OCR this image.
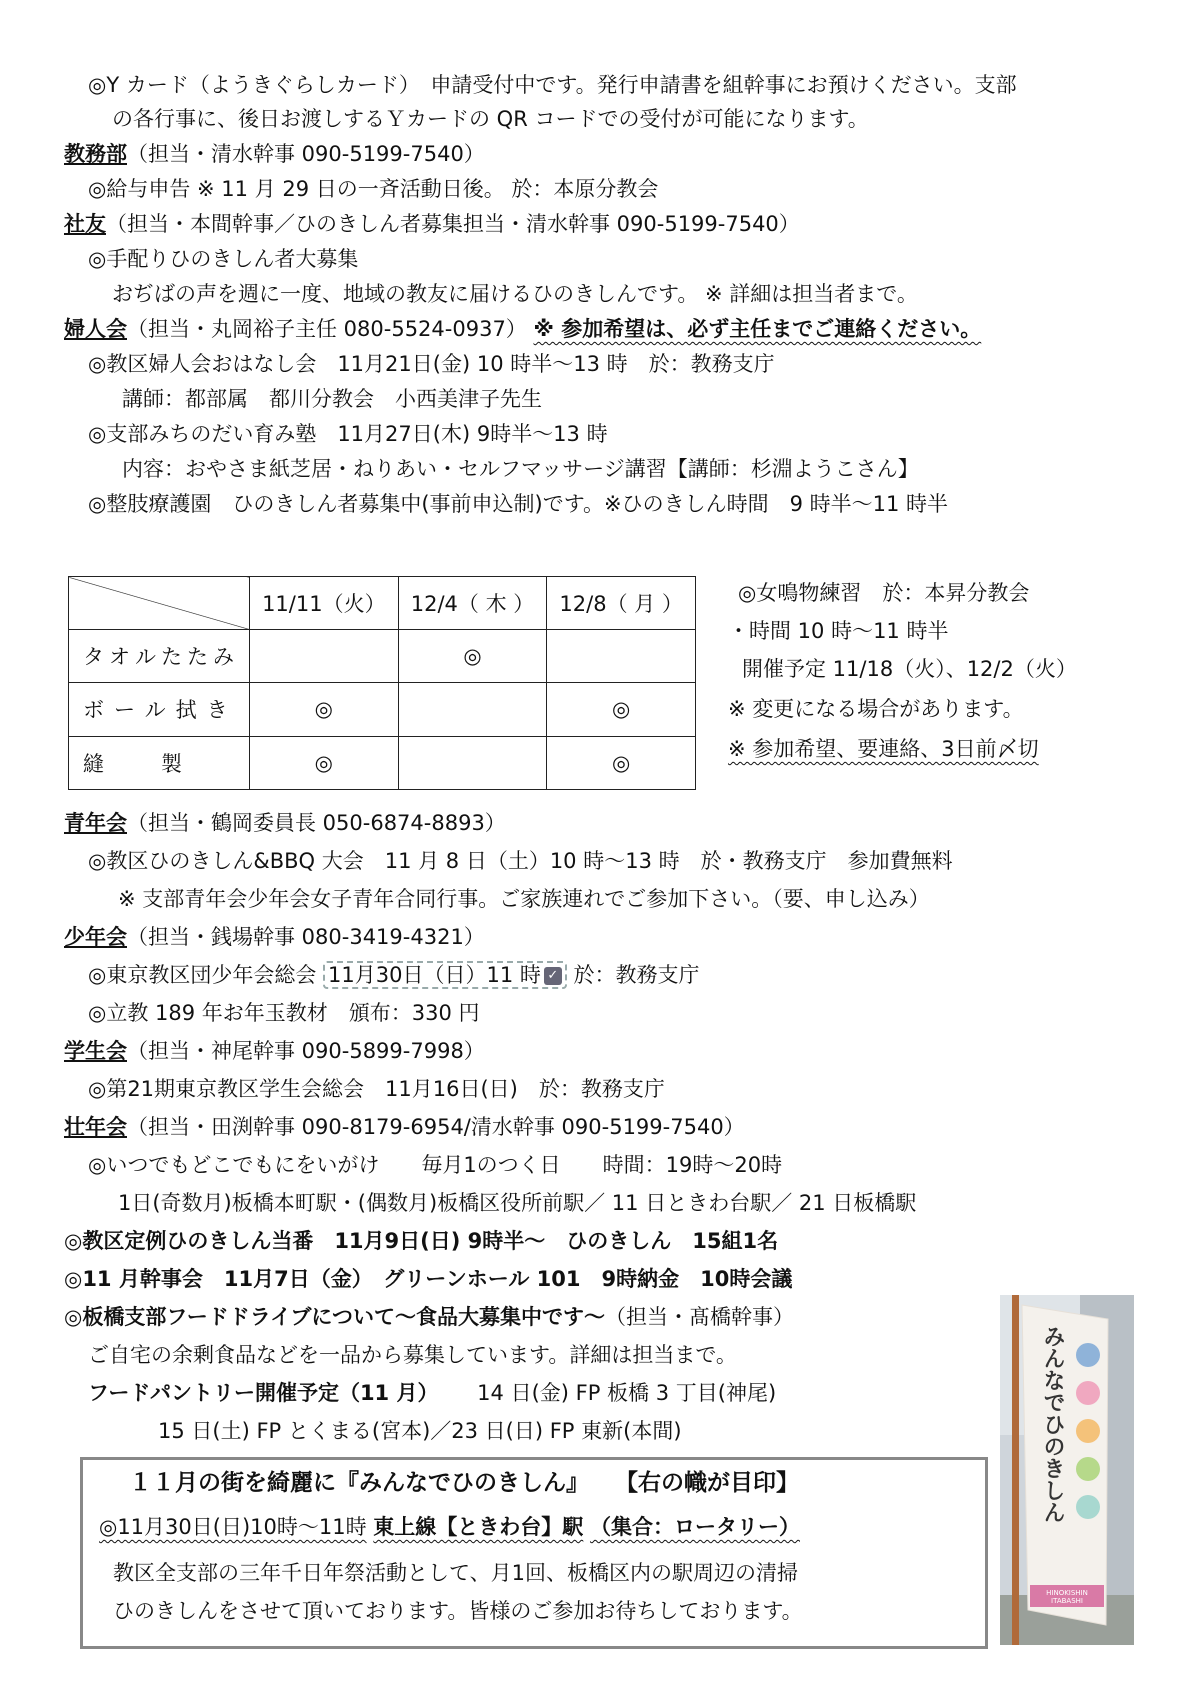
◎Y カード（ようきぐらしカード）　申請受付中です。発行申請書を組幹事にお預けください。支部
の各行事に、後日お渡しするＹカードの QR コードでの受付が可能になります。
教務部（担当・清水幹事 090-5199-7540）
◎給与申告 ※ 11 月 29 日の一斉活動日後。 於：本原分教会
社友（担当・本間幹事／ひのきしん者募集担当・清水幹事 090-5199-7540）
◎手配りひのきしん者大募集
おぢばの声を週に一度、地域の教友に届けるひのきしんです。 ※ 詳細は担当者まで。
婦人会（担当・丸岡裕子主任 080-5524-0937） ※ 参加希望は、必ず主任までご連絡ください。
◎教区婦人会おはなし会　11月21日(金) 10 時半～13 時　於：教務支庁
講師：都部属　都川分教会　小西美津子先生
◎支部みちのだい育み塾　11月27日(木) 9時半～13 時
内容：おやさま紙芝居・ねりあい・セルフマッサージ講習【講師：杉淵ようこさん】
◎整肢療護園　ひのきしん者募集中(事前申込制)です。※ひのきしん時間　9 時半～11 時半
	11/11（火）	12/4（ 木 ）	12/8（ 月 ）
タオルたたみ		◎	
ボール拭き	◎		◎
縫　　製	◎		◎
◎女鳴物練習　於：本昇分教会
・時間 10 時～11 時半
開催予定 11/18（火）、12/2（火）
※ 変更になる場合があります。
※ 参加希望、要連絡、3日前〆切
青年会（担当・鶴岡委員長 050-6874-8893）
◎教区ひのきしん&BBQ 大会　11 月 8 日（土）10 時～13 時　於・教務支庁　参加費無料
※ 支部青年会少年会女子青年合同行事。ご家族連れでご参加下さい。（要、申し込み）
少年会（担当・銭場幹事 080-3419-4321）
◎東京教区団少年会総会 11月30日（日）11 時 ✓ 於：教務支庁
◎立教 189 年お年玉教材　頒布：330 円
学生会（担当・神尾幹事 090-5899-7998）
◎第21期東京教区学生会総会　11月16日(日)　於：教務支庁
壮年会（担当・田渕幹事 090-8179-6954/清水幹事 090-5199-7540）
◎いつでもどこでもにをいがけ　　毎月1のつく日　　時間：19時～20時
1日(奇数月)板橋本町駅・(偶数月)板橋区役所前駅／ 11 日ときわ台駅／ 21 日板橋駅
◎教区定例ひのきしん当番　11月9日(日) 9時半～　ひのきしん　15組1名
◎11 月幹事会　11月7日（金）　グリーンホール 101　9時納金　10時会議
◎板橋支部フードドライブについて～食品大募集中です～（担当・髙橋幹事）
ご自宅の余剰食品などを一品から募集しています。詳細は担当まで。
フードパントリー開催予定（11 月） 14 日(金) FP 板橋 3 丁目(神尾)
15 日(土) FP とくまる(宮本)／23 日(日) FP 東新(本間)
１１月の街を綺麗に『みんなでひのきしん』 【右の幟が目印】
◎11月30日(日)10時～11時 東上線【ときわ台】駅 （集合：ロータリー）
教区全支部の三年千日年祭活動として、月1回、板橋区内の駅周辺の清掃
ひのきしんをさせて頂いております。皆様のご参加お待ちしております。
みんなでひのきしん
HINOKISHIN ITABASHI
